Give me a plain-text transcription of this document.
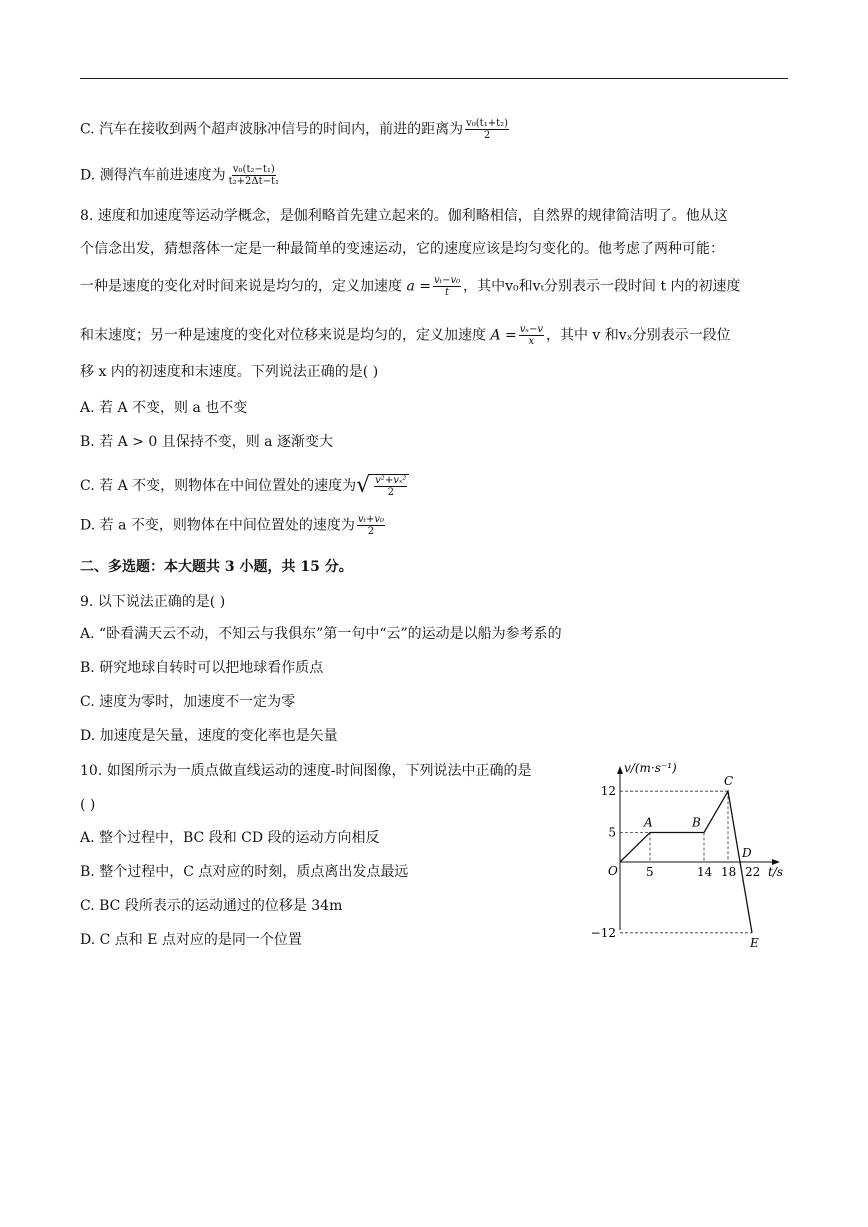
C. 汽车在接收到两个超声波脉冲信号的时间内，前进的距离为 $\frac{\text{v₀(t₁+t₂)}}{2}$
D. 测得汽车前进速度为 $\frac{\text{v₀(t₂−t₁)}}{\text{t₂+2Δt−t₁}}$
8. 速度和加速度等运动学概念，是伽利略首先建立起来的。伽利略相信，自然界的规律简洁明了。他从这
个信念出发，猜想落体一定是一种最简单的变速运动，它的速度应该是均匀变化的。他考虑了两种可能：
一种是速度的变化对时间来说是均匀的，定义加速度 $a = \frac{\text{vₜ−v₀}}{t}$ ，其中v₀和vₜ分别表示一段时间 t 内的初速度
和末速度；另一种是速度的变化对位移来说是均匀的，定义加速度 $A = \frac{\text{vₓ−v}}{x}$ ，其中 v 和vₓ分别表示一段位
移 x 内的初速度和末速度。下列说法正确的是( )
A. 若 A 不变，则 a 也不变
B. 若 A > 0 且保持不变，则 a 逐渐变大
C. 若 A 不变，则物体在中间位置处的速度为 √ $\frac{\text{v²+vₓ²}}{2}$
D. 若 a 不变，则物体在中间位置处的速度为 $\frac{\text{vₜ+v₀}}{2}$
二、多选题：本大题共 3 小题，共 15 分。
9. 以下说法正确的是( )
A. “卧看满天云不动，不知云与我俱东”第一句中“云”的运动是以船为参考系的
B. 研究地球自转时可以把地球看作质点
C. 速度为零时，加速度不一定为零
D. 加速度是矢量，速度的变化率也是矢量
10. 如图所示为一质点做直线运动的速度-时间图像，下列说法中正确的是
( )
A. 整个过程中，BC 段和 CD 段的运动方向相反
B. 整个过程中，C 点对应的时刻，质点离出发点最远
C. BC 段所表示的运动通过的位移是 34m
D. C 点和 E 点对应的是同一个位置
v/(m·s⁻¹)
t/s
O 5	14 18 22
12
5
−12
A	B
C
D
E
